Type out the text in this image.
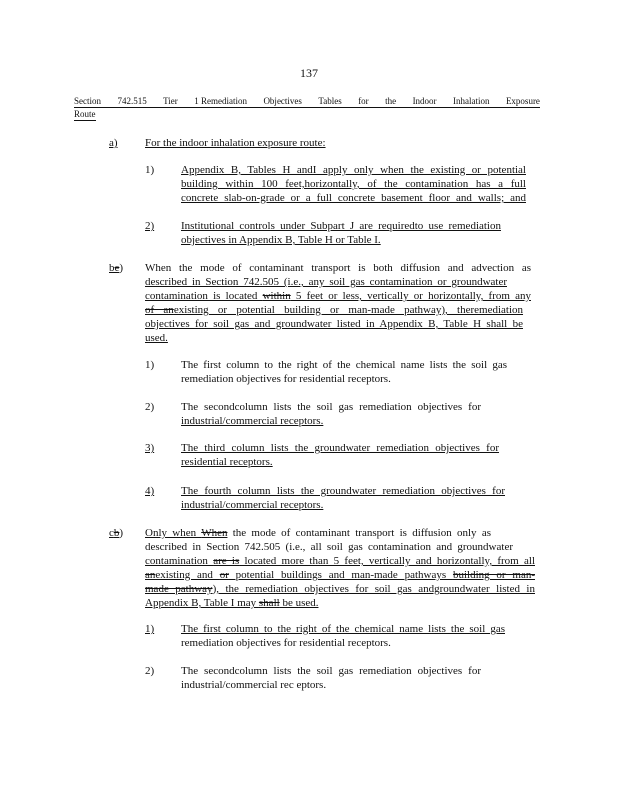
137
Section 742.515 Tier 1 Remediation Objectives Tables for the Indoor Inhalation Exposure
Route
a) For the indoor inhalation exposure route:
1) Appendix B, Tables H andI apply only when the existing or potential
building within 100 feet,horizontally, of the contamination has a full
concrete slab-on-grade or a full concrete basement floor and walls; and
2) Institutional controls under Subpart J are requiredto use remediation
objectives in Appendix B, Table H or Table I.
be) When the mode of contaminant transport is both diffusion and advection as
described in Section 742.505 (i.e., any soil gas contamination or groundwater
contamination is located within 5 feet or less, vertically or horizontally, from any
of anexisting or potential building or man-made pathway), theremediation
objectives for soil gas and groundwater listed in Appendix B, Table H shall be
used.
1) The first column to the right of the chemical name lists the soil gas
remediation objectives for residential receptors.
2) The secondcolumn lists the soil gas remediation objectives for
industrial/commercial receptors.
3) The third column lists the groundwater remediation objectives for
residential receptors.
4) The fourth column lists the groundwater remediation objectives for
industrial/commercial receptors.
cb) Only when When the mode of contaminant transport is diffusion only as
described in Section 742.505 (i.e., all soil gas contamination and groundwater
contamination are is located more than 5 feet, vertically and horizontally, from all
anexisting and or potential buildings and man-made pathways building or man-
made pathway), the remediation objectives for soil gas andgroundwater listed in
Appendix B, Table I may shall be used.
1) The first column to the right of the chemical name lists the soil gas
remediation objectives for residential receptors.
2) The secondcolumn lists the soil gas remediation objectives for
industrial/commercial rec eptors.
